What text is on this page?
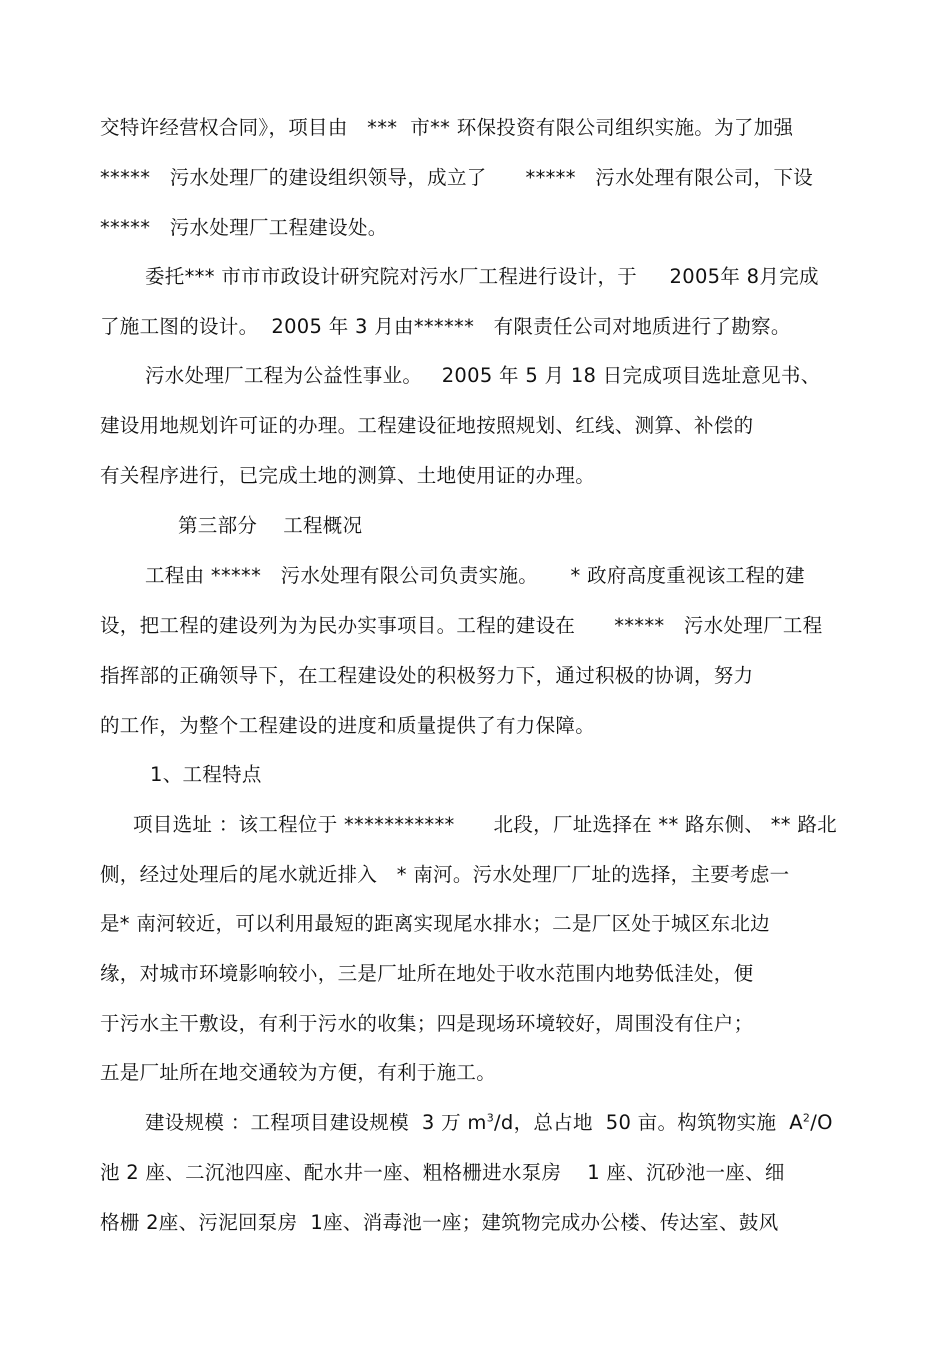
交特许经营权合同》，项目由   ***  市** 环保投资有限公司组织实施。为了加强
*****   污水处理厂的建设组织领导，成立了      *****   污水处理有限公司，下设
*****   污水处理厂工程建设处。
委托*** 市市市政设计研究院对污水厂工程进行设计，于     2005年 8月完成
了施工图的设计。  2005 年 3 月由******   有限责任公司对地质进行了勘察。
污水处理厂工程为公益性事业。   2005 年 5 月 18 日完成项目选址意见书、
建设用地规划许可证的办理。工程建设征地按照规划、红线、测算、补偿的
有关程序进行，已完成土地的测算、土地使用证的办理。
第三部分    工程概况
工程由 *****   污水处理有限公司负责实施。     * 政府高度重视该工程的建
设，把工程的建设列为为民办实事项目。工程的建设在      *****   污水处理厂工程
指挥部的正确领导下，在工程建设处的积极努力下，通过积极的协调，努力
的工作，为整个工程建设的进度和质量提供了有力保障。
1、工程特点
项目选址 ：该工程位于 ***********      北段，厂址选择在 ** 路东侧、 ** 路北
侧，经过处理后的尾水就近排入   * 南河。污水处理厂厂址的选择，主要考虑一
是* 南河较近，可以利用最短的距离实现尾水排水；二是厂区处于城区东北边
缘，对城市环境影响较小，三是厂址所在地处于收水范围内地势低洼处，便
于污水主干敷设，有利于污水的收集；四是现场环境较好，周围没有住户；
五是厂址所在地交通较为方便，有利于施工。
建设规模 ：工程项目建设规模  3 万 $m^3/d$，总占地  50 亩。构筑物实施  $A^2/O$
池 2 座、二沉池四座、配水井一座、粗格栅进水泵房    1 座、沉砂池一座、细
格栅 2座、污泥回泵房  1座、消毒池一座；建筑物完成办公楼、传达室、鼓风
